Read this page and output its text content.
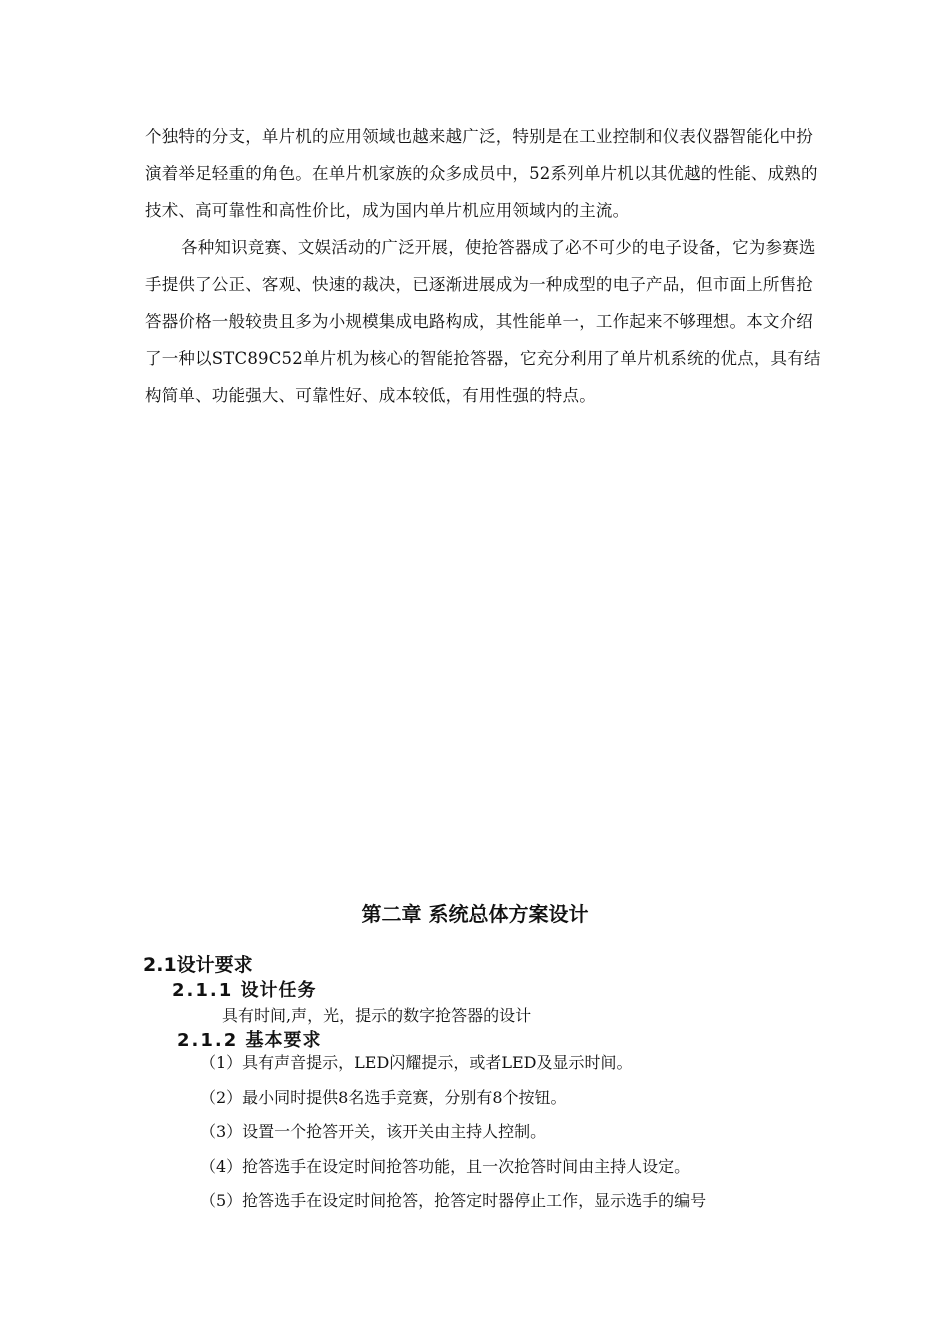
个独特的分支，单片机的应用领域也越来越广泛，特别是在工业控制和仪表仪器智能化中扮演着举足轻重的角色。在单片机家族的众多成员中，52系列单片机以其优越的性能、成熟的技术、高可靠性和高性价比，成为国内单片机应用领域内的主流。

各种知识竞赛、文娱活动的广泛开展，使抢答器成了必不可少的电子设备，它为参赛选手提供了公正、客观、快速的裁决，已逐渐进展成为一种成型的电子产品，但市面上所售抢答器价格一般较贵且多为小规模集成电路构成，其性能单一，工作起来不够理想。本文介绍了一种以STC89C52单片机为核心的智能抢答器，它充分利用了单片机系统的优点，具有结构简单、功能强大、可靠性好、成本较低，有用性强的特点。

第二章 系统总体方案设计
2.1设计要求
2.1.1 设计任务

具有时间,声，光，提示的数字抢答器的设计

2.1.2 基本要求
（1）具有声音提示，LED闪耀提示，或者LED及显示时间。
（2）最小同时提供8名选手竞赛，分别有8个按钮。
（3）设置一个抢答开关，该开关由主持人控制。
（4）抢答选手在设定时间抢答功能，且一次抢答时间由主持人设定。
（5）抢答选手在设定时间抢答，抢答定时器停止工作，显示选手的编号
